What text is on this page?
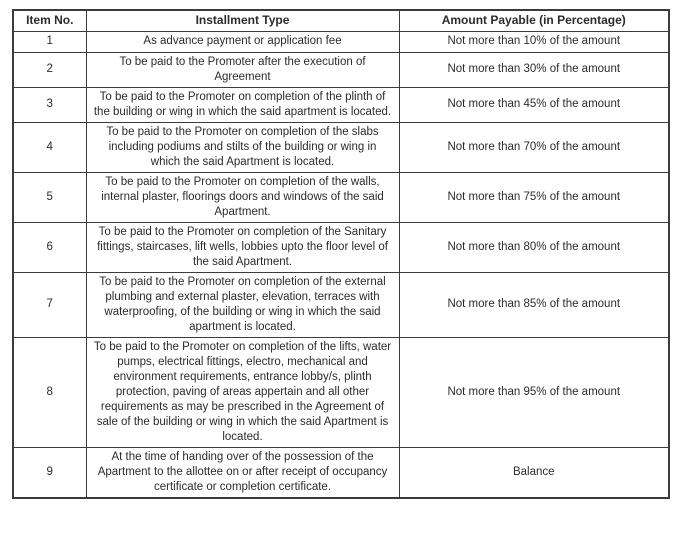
Item No.	Installment Type	Amount Payable (in Percentage)
1	As advance payment or application fee	Not more than 10% of the amount
2	To be paid to the Promoter after the execution of Agreement	Not more than 30% of the amount
3	To be paid to the Promoter on completion of the plinth of the building or wing in which the said apartment is located.	Not more than 45% of the amount
4	To be paid to the Promoter on completion of the slabs including podiums and stilts of the building or wing in which the said Apartment is located.	Not more than 70% of the amount
5	To be paid to the Promoter on completion of the walls, internal plaster, floorings doors and windows of the said Apartment.	Not more than 75% of the amount
6	To be paid to the Promoter on completion of the Sanitary fittings, staircases, lift wells, lobbies upto the floor level of the said Apartment.	Not more than 80% of the amount
7	To be paid to the Promoter on completion of the external plumbing and external plaster, elevation, terraces with waterproofing, of the building or wing in which the said apartment is located.	Not more than 85% of the amount
8	To be paid to the Promoter on completion of the lifts, water pumps, electrical fittings, electro, mechanical and environment requirements, entrance lobby/s, plinth protection, paving of areas appertain and all other requirements as may be prescribed in the Agreement of sale of the building or wing in which the said Apartment is located.	Not more than 95% of the amount
9	At the time of handing over of the possession of the Apartment to the allottee on or after receipt of occupancy certificate or completion certificate.	Balance
